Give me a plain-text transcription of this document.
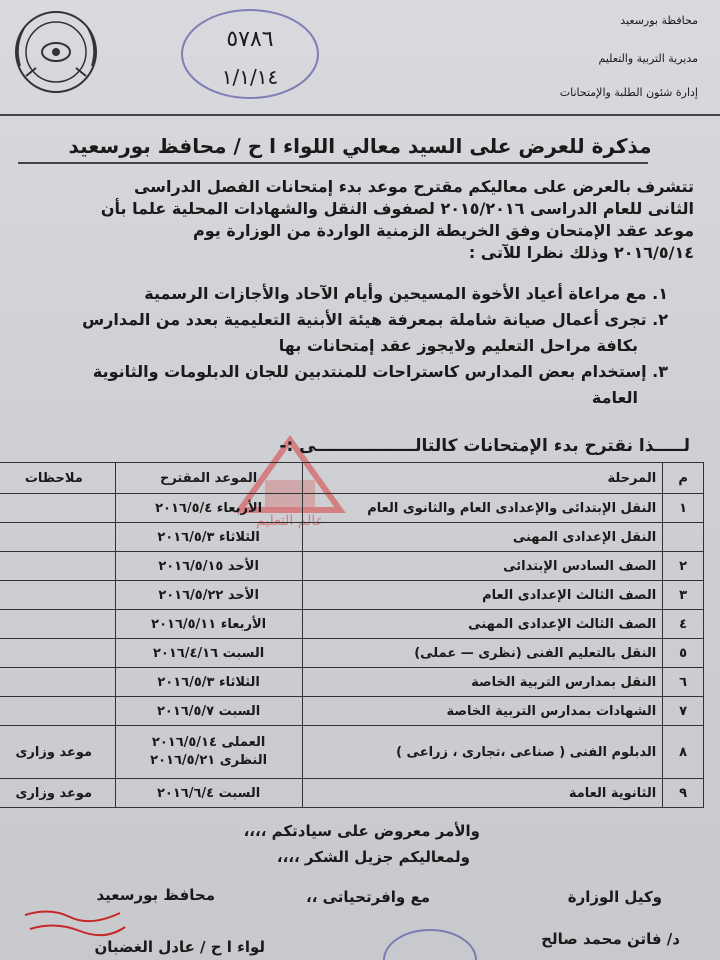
٥٧٨٦
١/١/١٤
محافظة بورسعيد
مديرية التربية والتعليم
إدارة شئون الطلبة والإمتحانات
مذكرة للعرض على السيد معالي اللواء ا ح / محافظ بورسعيد
تتشرف بالعرض على معاليكم مقترح موعد بدء إمتحانات الفصل الدراسى
الثانى للعام الدراسى ٢٠١٥/٢٠١٦ لصفوف النقل والشهادات المحلية علما بأن
موعد عقد الإمتحان وفق الخريطة الزمنية الواردة من الوزارة يوم
٢٠١٦/٥/١٤ وذلك نظرا للآتى :
١. مع مراعاة أعياد الأخوة المسيحين وأيام الآحاد والأجازات الرسمية
٢. تجرى أعمال صيانة شاملة بمعرفة هيئة الأبنية التعليمية بعدد من المدارس
بكافة مراحل التعليم ولايجوز عقد إمتحانات بها
٣. إستخدام بعض المدارس كاستراحات للمنتدبين للجان الدبلومات والثانوية
العامة
عالم التعليم
لـــــذا نقترح بدء الإمتحانات كالتالـــــــــــــــــى :-
م	المرحلة	الموعد المقترح	ملاحظات
١	النقل الإبتدائى والإعدادى العام والثانوى العام	الأربعاء ٢٠١٦/٥/٤	
	النقل الإعدادى المهنى	الثلاثاء ٢٠١٦/٥/٣	
٢	الصف السادس الإبتدائى	الأحد ٢٠١٦/٥/١٥	
٣	الصف الثالث الإعدادى العام	الأحد ٢٠١٦/٥/٢٢	
٤	الصف الثالث الإعدادى المهنى	الأربعاء ٢٠١٦/٥/١١	
٥	النقل بالتعليم الفنى (نظرى — عملى)	السبت ٢٠١٦/٤/١٦	
٦	النقل بمدارس التربية الخاصة	الثلاثاء ٢٠١٦/٥/٣	
٧	الشهادات بمدارس التربية الخاصة	السبت ٢٠١٦/٥/٧	
٨	الدبلوم الفنى ( صناعى ،تجارى ، زراعى )	العملى ٢٠١٦/٥/١٤
النظرى ٢٠١٦/٥/٢١	موعد وزارى
٩	الثانوية العامة	السبت ٢٠١٦/٦/٤	موعد وزارى
والأمر معروض على سيادتكم ،،،،
ولمعاليكم جزيل الشكر ،،،،
وكيل الوزارة
مع وافرتحياتى ،،
د/ فاتن محمد صالح
محافظ بورسعيد
لواء ا ح / عادل الغضبان
